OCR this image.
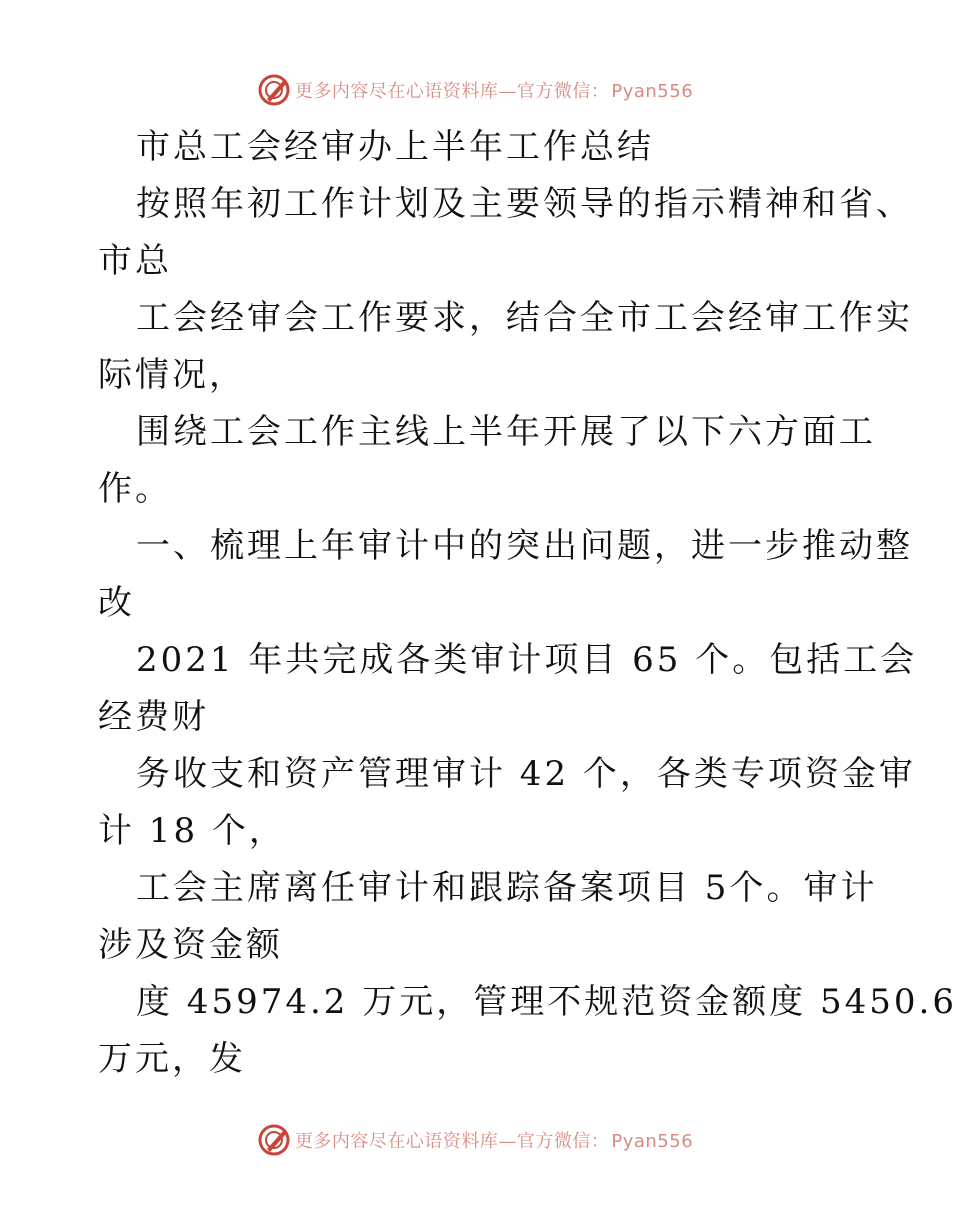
更多内容尽在心语资料库—官方微信： Pyan556
市总工会经审办上半年工作总结
按照年初工作计划及主要领导的指示精神和省、
市总
工会经审会工作要求，结合全市工会经审工作实
际情况，
围绕工会工作主线上半年开展了以下六方面工
作。
一、梳理上年审计中的突出问题，进一步推动整
改
2021 年共完成各类审计项目 65 个。包括工会
经费财
务收支和资产管理审计 42 个，各类专项资金审
计 18 个，
工会主席离任审计和跟踪备案项目 5个。审计
涉及资金额
度 45974.2 万元，管理不规范资金额度 5450.6
万元，发
更多内容尽在心语资料库—官方微信： Pyan556
